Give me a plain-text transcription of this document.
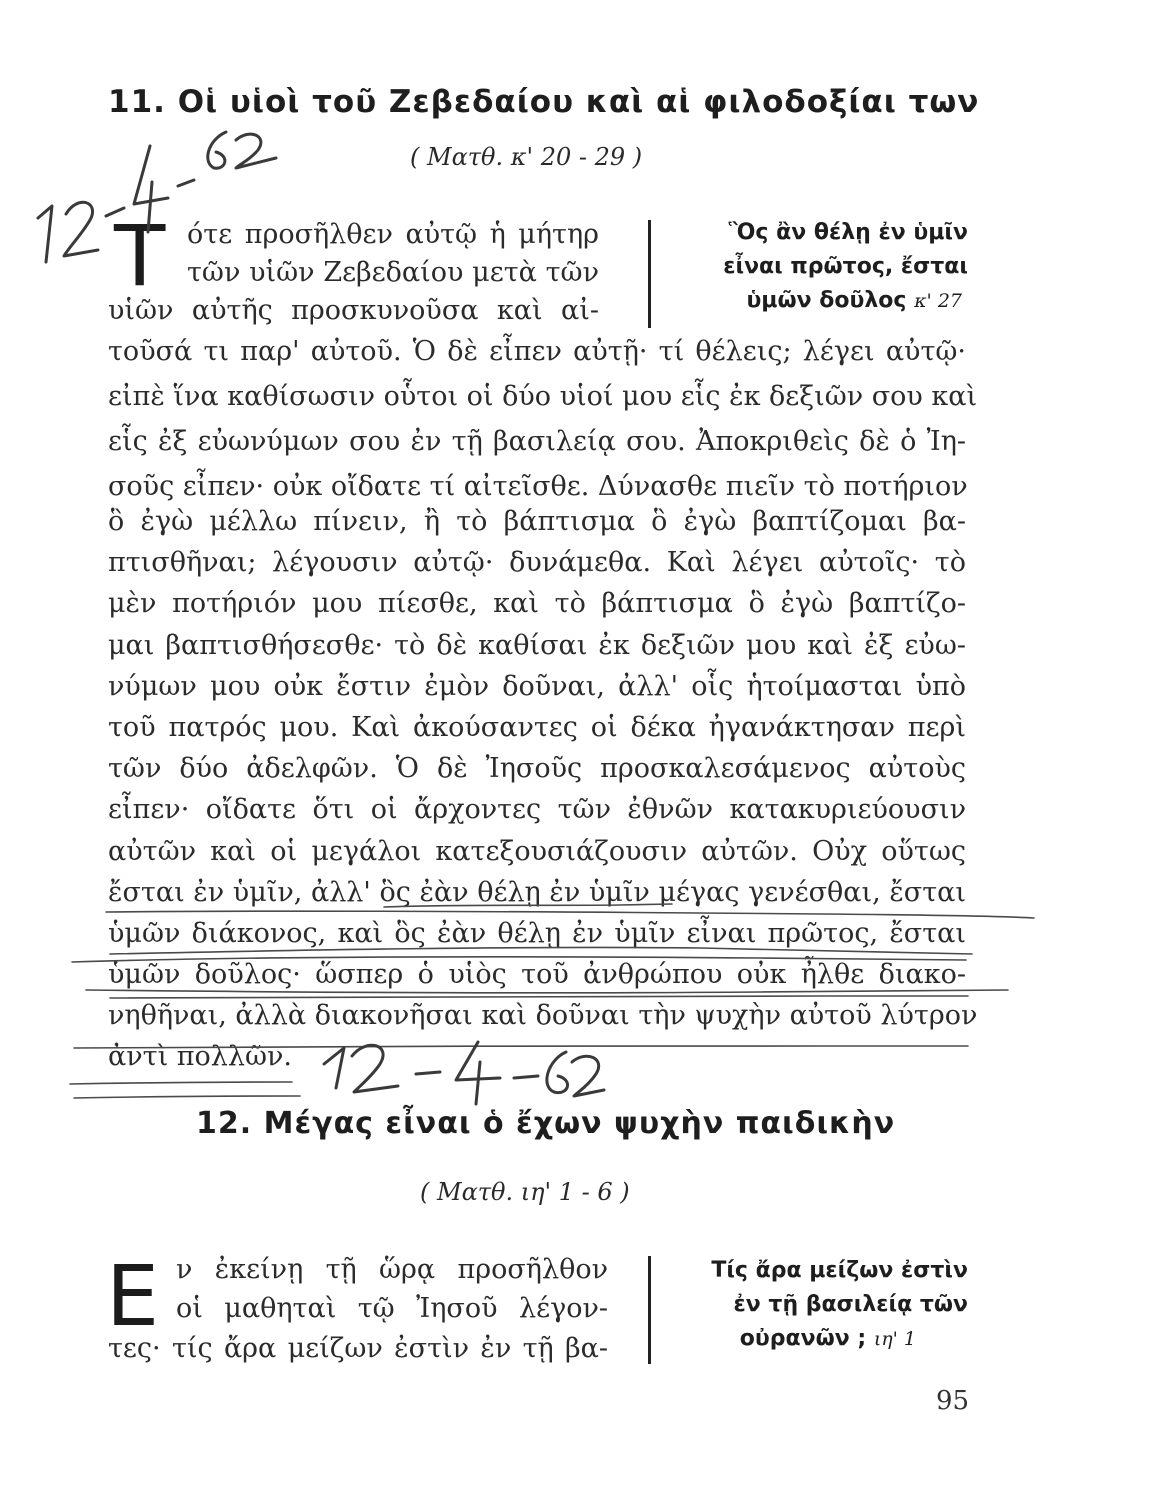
11. Οἱ υἱοὶ τοῦ Ζεβεδαίου καὶ αἱ φιλοδοξίαι των
( Ματθ. κ' 20 - 29 )
Τ ότε προσῆλθεν αὐτῷ ἡ μήτηρ
τῶν υἱῶν Ζεβεδαίου μετὰ τῶν
υἱῶν αὐτῆς προσκυνοῦσα καὶ αἰ-
Ὃς ἂν θέλῃ ἐν ὑμῖν
εἶναι πρῶτος, ἔσται
ὑμῶν δοῦλος κ' 27
τοῦσά τι παρ' αὐτοῦ. Ὁ δὲ εἶπεν αὐτῇ· τί θέλεις; λέγει αὐτῷ·
εἰπὲ ἵνα καθίσωσιν οὗτοι οἱ δύο υἱοί μου εἷς ἐκ δεξιῶν σου καὶ
εἷς ἐξ εὐωνύμων σου ἐν τῇ βασιλείᾳ σου. Ἀποκριθεὶς δὲ ὁ Ἰη-
σοῦς εἶπεν· οὐκ οἴδατε τί αἰτεῖσθε. Δύνασθε πιεῖν τὸ ποτήριον
ὃ ἐγὼ μέλλω πίνειν, ἢ τὸ βάπτισμα ὃ ἐγὼ βαπτίζομαι βα-
πτισθῆναι; λέγουσιν αὐτῷ· δυνάμεθα. Καὶ λέγει αὐτοῖς· τὸ
μὲν ποτήριόν μου πίεσθε, καὶ τὸ βάπτισμα ὃ ἐγὼ βαπτίζο-
μαι βαπτισθήσεσθε· τὸ δὲ καθίσαι ἐκ δεξιῶν μου καὶ ἐξ εὐω-
νύμων μου οὐκ ἔστιν ἐμὸν δοῦναι, ἀλλ' οἷς ἡτοίμασται ὑπὸ
τοῦ πατρός μου. Καὶ ἀκούσαντες οἱ δέκα ἠγανάκτησαν περὶ
τῶν δύο ἀδελφῶν. Ὁ δὲ Ἰησοῦς προσκαλεσάμενος αὐτοὺς
εἶπεν· οἴδατε ὅτι οἱ ἄρχοντες τῶν ἐθνῶν κατακυριεύουσιν
αὐτῶν καὶ οἱ μεγάλοι κατεξουσιάζουσιν αὐτῶν. Οὐχ οὕτως
ἔσται ἐν ὑμῖν, ἀλλ' ὃς ἐὰν θέλῃ ἐν ὑμῖν μέγας γενέσθαι, ἔσται
ὑμῶν διάκονος, καὶ ὃς ἐὰν θέλῃ ἐν ὑμῖν εἶναι πρῶτος, ἔσται
ὑμῶν δοῦλος· ὥσπερ ὁ υἱὸς τοῦ ἀνθρώπου οὐκ ἦλθε διακο-
νηθῆναι, ἀλλὰ διακονῆσαι καὶ δοῦναι τὴν ψυχὴν αὐτοῦ λύτρον
ἀντὶ πολλῶν.
12. Μέγας εἶναι ὁ ἔχων ψυχὴν παιδικὴν
( Ματθ. ιη' 1 - 6 )
Ε ν ἐκείνῃ τῇ ὥρᾳ προσῆλθον
οἱ μαθηταὶ τῷ Ἰησοῦ λέγον-
τες· τίς ἄρα μείζων ἐστὶν ἐν τῇ βα-
Τίς ἄρα μείζων ἐστὶν
ἐν τῇ βασιλείᾳ τῶν
οὐρανῶν ; ιη' 1
95
